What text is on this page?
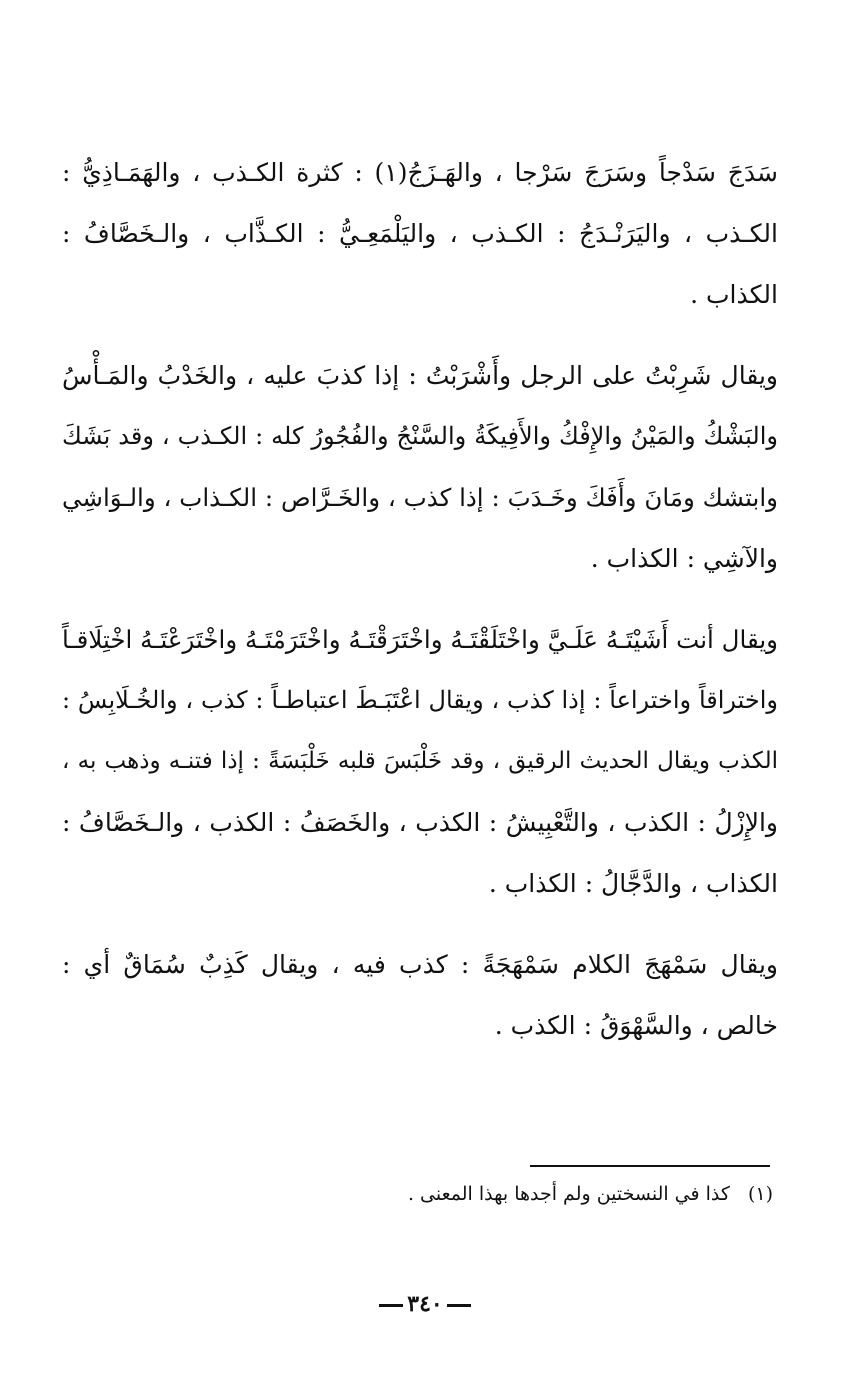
سَدَجَ سَدْجاً وسَرَجَ سَرْجا ، والهَـزَجُ(١) : كثرة الكـذب ، والهَمَـاذِيُّ :
الكـذب ، واليَرَنْـدَجُ : الكـذب ، واليَلْمَعِـيُّ : الكـذَّاب ، والـخَصَّافُ :
الكذاب .

ويقال شَرِبْتُ على الرجل وأَشْرَبْتُ : إذا كذبَ عليه ، والخَدْبُ والمَـأْسُ
والبَشْكُ والمَيْنُ والإِفْكُ والأَفِيكَةُ والسَّنْجُ والفُجُورُ كله : الكـذب ، وقد بَشَكَ
وابتشك ومَانَ وأَفَكَ وخَـدَبَ : إذا كذب ، والخَـرَّاص : الكـذاب ، والـوَاشِي
والآشِي : الكذاب .

ويقال أنت أَشَيْتَـهُ عَلَـيَّ واخْتَلَقْتَـهُ واخْتَرَقْتَـهُ واخْتَرَمْتَـهُ واخْتَرَعْتَـهُ اخْتِلَاقـاً
واختراقاً واختراعاً : إذا كذب ، ويقال اعْتَبَـطَ اعتباطـاً : كذب ، والخُـلَابِسُ :
الكذب ويقال الحديث الرقيق ، وقد خَلْبَسَ قلبه خَلْبَسَةً : إذا فتنـه وذهب به ،
والإِزْلُ : الكذب ، والتَّعْبِيشُ : الكذب ، والخَصَفُ : الكذب ، والـخَصَّافُ :
الكذاب ، والدَّجَّالُ : الكذاب .

ويقال سَمْهَجَ الكلام سَمْهَجَةً : كذب فيه ، ويقال كَذِبٌ سُمَاقٌ أي :
خالص ، والسَّهْوَقُ : الكذب .

(١)كذا في النسختين ولم أجدها بهذا المعنى .
٣٤٠
